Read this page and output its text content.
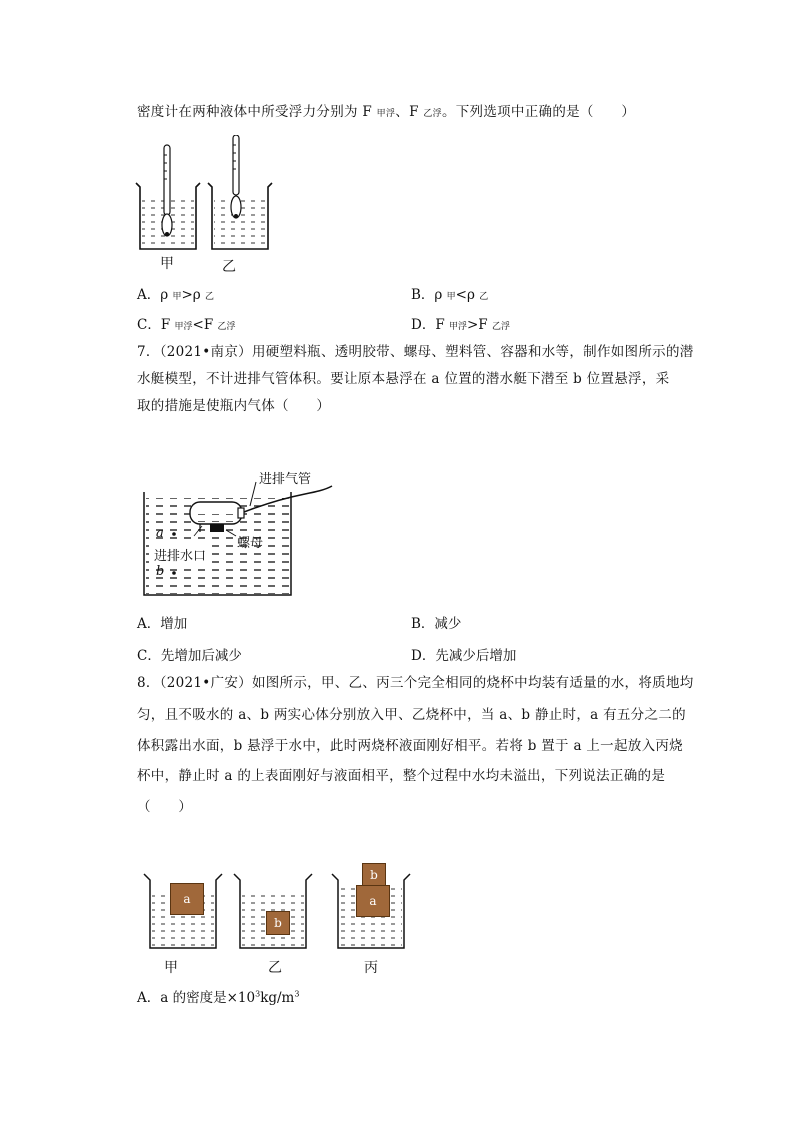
密度计在两种液体中所受浮力分别为 F 甲浮、F 乙浮。下列选项中正确的是（　　）
甲	乙
A．ρ 甲>ρ 乙	B．ρ 甲<ρ 乙
C．F 甲浮<F 乙浮	D．F 甲浮>F 乙浮
7．（2021•南京）用硬塑料瓶、透明胶带、螺母、塑料管、容器和水等，制作如图所示的潜
水艇模型，不计进排气管体积。要让原本悬浮在 a 位置的潜水艇下潜至 b 位置悬浮，采
取的措施是使瓶内气体（　　）
进排气管
螺母
进排水口
a
b
A．增加	B．减少
C．先增加后减少	D．先减少后增加
8．（2021•广安）如图所示，甲、乙、丙三个完全相同的烧杯中均装有适量的水，将质地均
匀，且不吸水的 a、b 两实心体分别放入甲、乙烧杯中，当 a、b 静止时，a 有五分之二的
体积露出水面，b 悬浮于水中，此时两烧杯液面刚好相平。若将 b 置于 a 上一起放入丙烧
杯中，静止时 a 的上表面刚好与液面相平，整个过程中水均未溢出，下列说法正确的是
（　　）
a
b
b
a
甲	乙	丙
A．a 的密度是$\times 10^3kg/m^3$
